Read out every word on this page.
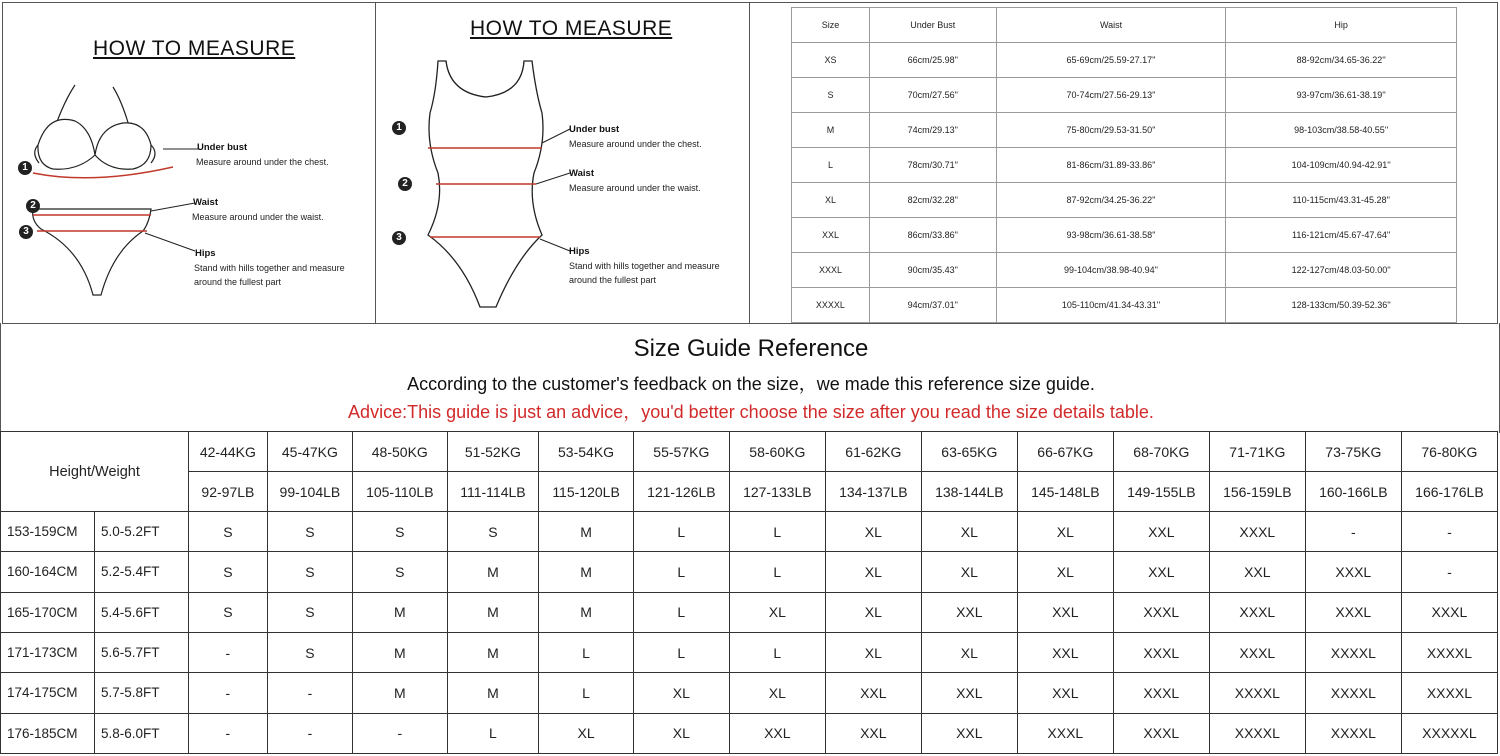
HOW TO MEASURE
1
2
3
Under bust
Measure around under the chest.
Waist
Measure around under the waist.
Hips
Stand with hills together and measure
around the fullest part
HOW TO MEASURE
1
2
3
Under bust
Measure around under the chest.
Waist
Measure around under the waist.
Hips
Stand with hills together and measure
around the fullest part
Size	Under Bust	Waist	Hip
XS	66cm/25.98''	65-69cm/25.59-27.17''	88-92cm/34.65-36.22''
S	70cm/27.56''	70-74cm/27.56-29.13''	93-97cm/36.61-38.19''
M	74cm/29.13''	75-80cm/29.53-31.50''	98-103cm/38.58-40.55''
L	78cm/30.71''	81-86cm/31.89-33.86''	104-109cm/40.94-42.91''
XL	82cm/32.28''	87-92cm/34.25-36.22''	110-115cm/43.31-45.28''
XXL	86cm/33.86''	93-98cm/36.61-38.58''	116-121cm/45.67-47.64''
XXXL	90cm/35.43''	99-104cm/38.98-40.94''	122-127cm/48.03-50.00''
XXXXL	94cm/37.01''	105-110cm/41.34-43.31''	128-133cm/50.39-52.36''
Size Guide Reference
According to the customer's feedback on the size，we made this reference size guide.
Advice:This guide is just an advice，you'd better choose the size after you read the size details table.
Height/Weight		42-44KG	45-47KG	48-50KG	51-52KG	53-54KG	55-57KG	58-60KG	61-62KG	63-65KG	66-67KG	68-70KG	71-71KG	73-75KG	76-80KG
		92-97LB	99-104LB	105-110LB	111-114LB	115-120LB	121-126LB	127-133LB	134-137LB	138-144LB	145-148LB	149-155LB	156-159LB	160-166LB	166-176LB
153-159CM	5.0-5.2FT	S	S	S	S	M	L	L	XL	XL	XL	XXL	XXXL	-	-
160-164CM	5.2-5.4FT	S	S	S	M	M	L	L	XL	XL	XL	XXL	XXL	XXXL	-
165-170CM	5.4-5.6FT	S	S	M	M	M	L	XL	XL	XXL	XXL	XXXL	XXXL	XXXL	XXXL
171-173CM	5.6-5.7FT	-	S	M	M	L	L	L	XL	XL	XXL	XXXL	XXXL	XXXXL	XXXXL
174-175CM	5.7-5.8FT	-	-	M	M	L	XL	XL	XXL	XXL	XXL	XXXL	XXXXL	XXXXL	XXXXL
176-185CM	5.8-6.0FT	-	-	-	L	XL	XL	XXL	XXL	XXL	XXXL	XXXL	XXXXL	XXXXL	XXXXXL
